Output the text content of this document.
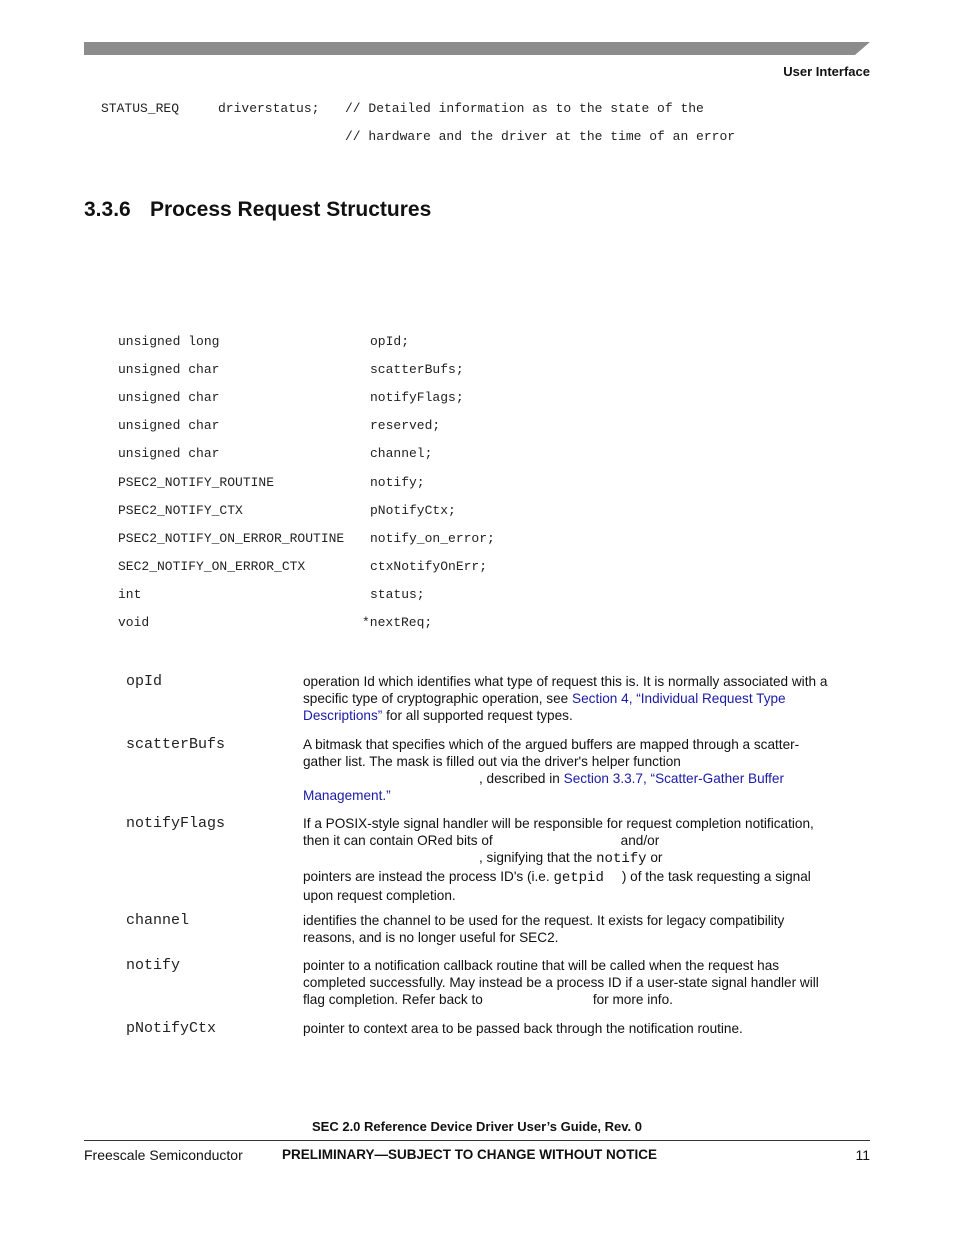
User Interface
STATUS_REQ	driverstatus; // Detailed information as to the state of the
// hardware and the driver at the time of an error
3.3.6 Process Request Structures
unsigned long	opId;
unsigned char	scatterBufs;
unsigned char	notifyFlags;
unsigned char	reserved;
unsigned char	channel;
PSEC2_NOTIFY_ROUTINE	notify;
PSEC2_NOTIFY_CTX	pNotifyCtx;
PSEC2_NOTIFY_ON_ERROR_ROUTINE notify_on_error;
SEC2_NOTIFY_ON_ERROR_CTX	ctxNotifyOnErr;
int	status;
void	*nextReq;
opId	operation Id which identifies what type of request this is. It is normally associated with a specific type of cryptographic operation, see Section 4, “Individual Request Type Descriptions” for all supported request types.
scatterBufs	A bitmask that specifies which of the argued buffers are mapped through a scatter-gather list. The mask is filled out via the driver's helper function
, described in Section 3.3.7, “Scatter-Gather Buffer Management.”
notifyFlags	If a POSIX-style signal handler will be responsible for request completion notification, then it can contain ORed bits of	and/or
, signifying that the notify or
pointers are instead the process ID's (i.e. getpid ) of the task requesting a signal upon request completion.
channel	identifies the channel to be used for the request. It exists for legacy compatibility reasons, and is no longer useful for SEC2.
notify	pointer to a notification callback routine that will be called when the request has completed successfully. May instead be a process ID if a user-state signal handler will flag completion. Refer back to	for more info.
pNotifyCtx	pointer to context area to be passed back through the notification routine.
SEC 2.0 Reference Device Driver User’s Guide, Rev. 0
Freescale Semiconductor	PRELIMINARY—SUBJECT TO CHANGE WITHOUT NOTICE	11
